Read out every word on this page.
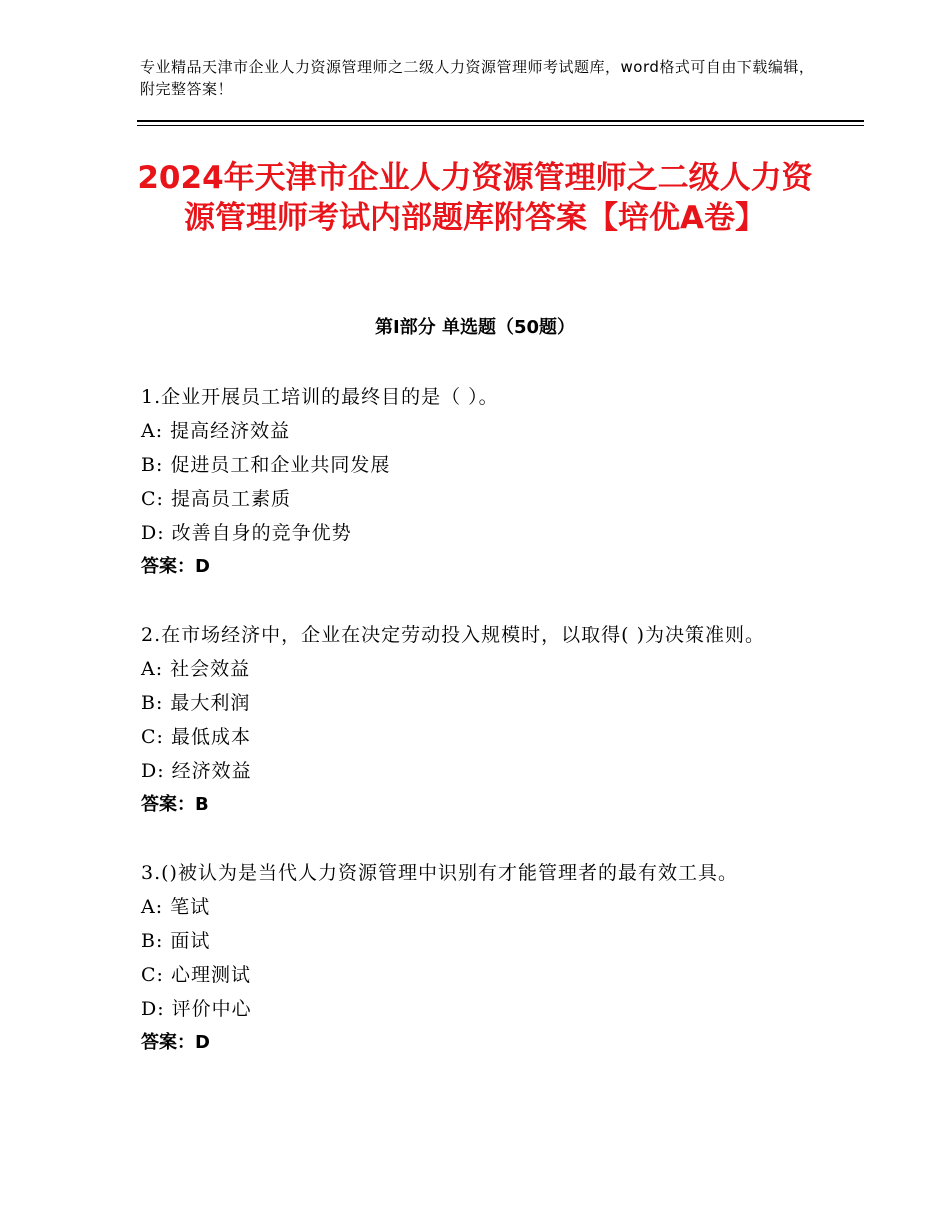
专业精品天津市企业人力资源管理师之二级人力资源管理师考试题库，word格式可自由下载编辑，附完整答案！
2024年天津市企业人力资源管理师之二级人力资源管理师考试内部题库附答案【培优A卷】
第Ⅰ部分 单选题（50题）
1.企业开展员工培训的最终目的是（ ）。
A: 提高经济效益
B: 促进员工和企业共同发展
C: 提高员工素质
D: 改善自身的竞争优势
答案：D
2.在市场经济中，企业在决定劳动投入规模时，以取得( )为决策准则。
A: 社会效益
B: 最大利润
C: 最低成本
D: 经济效益
答案：B
3.()被认为是当代人力资源管理中识别有才能管理者的最有效工具。
A: 笔试
B: 面试
C: 心理测试
D: 评价中心
答案：D
